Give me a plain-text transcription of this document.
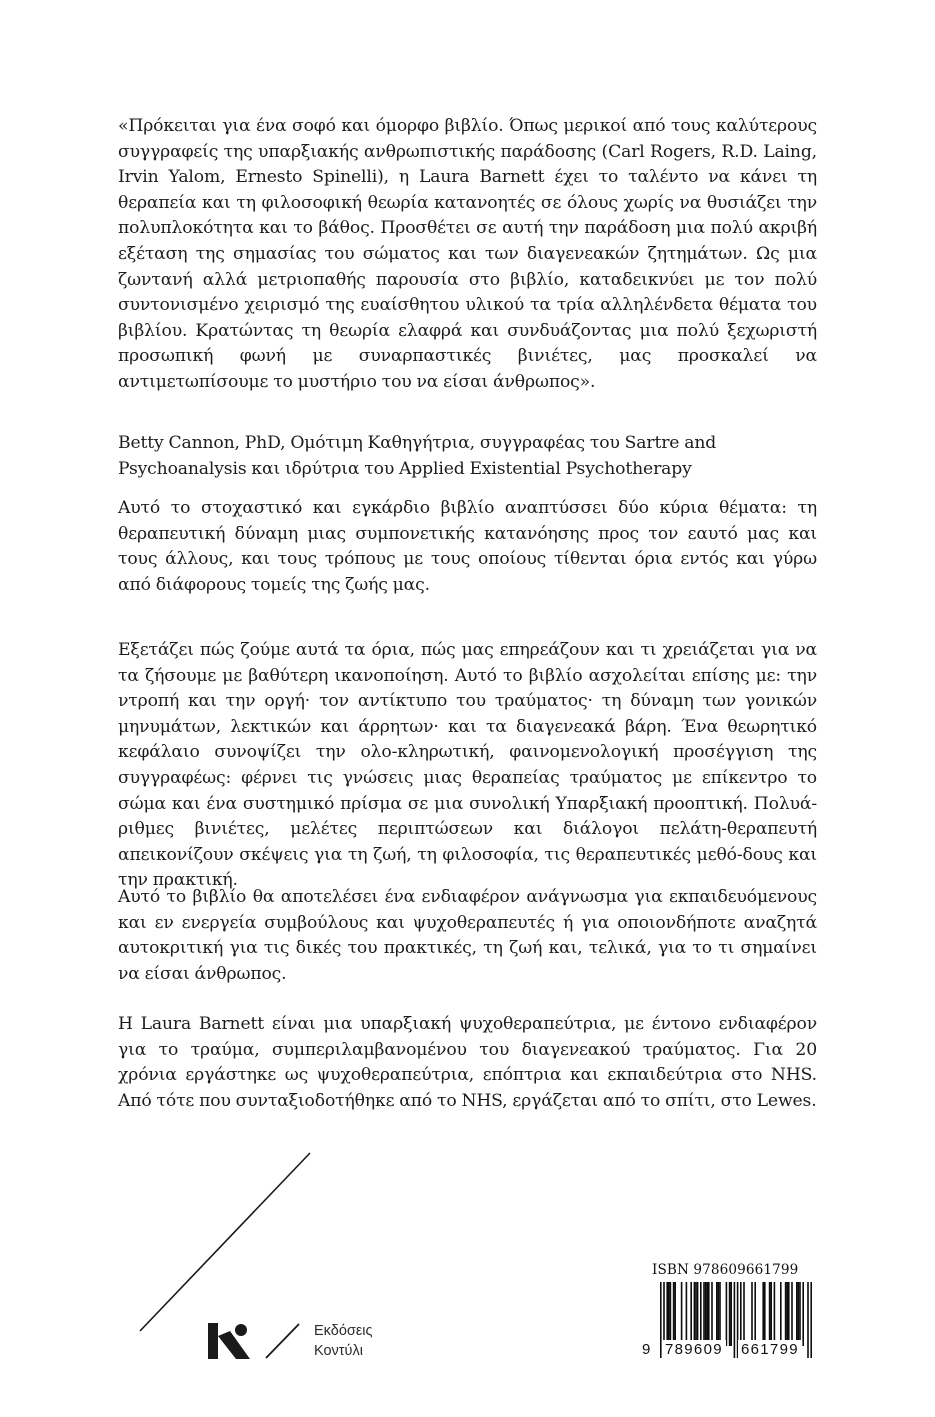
«Πρόκειται για ένα σοφό και όμορφο βιβλίο. Όπως μερικοί από τους καλύτερους συγγραφείς της υπαρξιακής ανθρωπιστικής παράδοσης (Carl Rogers, R.D. Laing, Irvin Yalom, Ernesto Spinelli), η Laura Barnett έχει το ταλέντο να κάνει τη θεραπεία και τη φιλοσοφική θεωρία κατανοητές σε όλους χωρίς να θυσιάζει την πολυπλοκότητα και το βάθος. Προσθέτει σε αυτή την παράδοση μια πολύ ακριβή εξέταση της σημασίας του σώματος και των διαγενεακών ζητημάτων. Ως μια ζωντανή αλλά μετριοπαθής παρουσία στο βιβλίο, καταδεικνύει με τον πολύ συντονισμένο χειρισμό της ευαίσθητου υλικού τα τρία αλληλένδετα θέματα του βιβλίου. Κρατώντας τη θεωρία ελαφρά και συνδυάζοντας μια πολύ ξεχωριστή προσωπική φωνή με συναρπαστικές βινιέτες, μας προσκαλεί να αντιμετωπίσουμε το μυστήριο του να είσαι άνθρωπος».

Betty Cannon, PhD, Ομότιμη Καθηγήτρια, συγγραφέας του Sartre and
Psychoanalysis και ιδρύτρια του Applied Existential Psychotherapy

Αυτό το στοχαστικό και εγκάρδιο βιβλίο αναπτύσσει δύο κύρια θέματα: τη θεραπευτική δύναμη μιας συμπονετικής κατανόησης προς τον εαυτό μας και τους άλλους, και τους τρόπους με τους οποίους τίθενται όρια εντός και γύρω από διάφορους τομείς της ζωής μας.

Εξετάζει πώς ζούμε αυτά τα όρια, πώς μας επηρεάζουν και τι χρειάζεται για να τα ζήσουμε με βαθύτερη ικανοποίηση. Αυτό το βιβλίο ασχολείται επίσης με: την ντροπή και την οργή· τον αντίκτυπο του τραύματος· τη δύναμη των γονικών μηνυμάτων, λεκτικών και άρρητων· και τα διαγενεακά βάρη. Ένα θεωρητικό κεφάλαιο συνοψίζει την ολο-κληρωτική, φαινομενολογική προσέγγιση της συγγραφέως: φέρνει τις γνώσεις μιας θεραπείας τραύματος με επίκεντρο το σώμα και ένα συστημικό πρίσμα σε μια συνολική Υπαρξιακή προοπτική. Πολυά-ριθμες βινιέτες, μελέτες περιπτώσεων και διάλογοι πελάτη-θεραπευτή απεικονίζουν σκέψεις για τη ζωή, τη φιλοσοφία, τις θεραπευτικές μεθό-δους και την πρακτική.

Αυτό το βιβλίο θα αποτελέσει ένα ενδιαφέρον ανάγνωσμα για εκπαιδευόμενους και εν ενεργεία συμβούλους και ψυχοθεραπευτές ή για οποιονδήποτε αναζητά αυτοκριτική για τις δικές του πρακτικές, τη ζωή και, τελικά, για το τι σημαίνει να είσαι άνθρωπος.

Η Laura Barnett είναι μια υπαρξιακή ψυχοθεραπεύτρια, με έντονο ενδιαφέρον για το τραύμα, συμπεριλαμβανομένου του διαγενεακού τραύματος. Για 20 χρόνια εργάστηκε ως ψυχοθεραπεύτρια, επόπτρια και εκπαιδεύτρια στο NHS. Από τότε που συνταξιοδοτήθηκε από το NHS, εργάζεται από το σπίτι, στο Lewes.

Εκδόσεις
Κοντύλι
ISBN 978609661799
9 789609 661799
